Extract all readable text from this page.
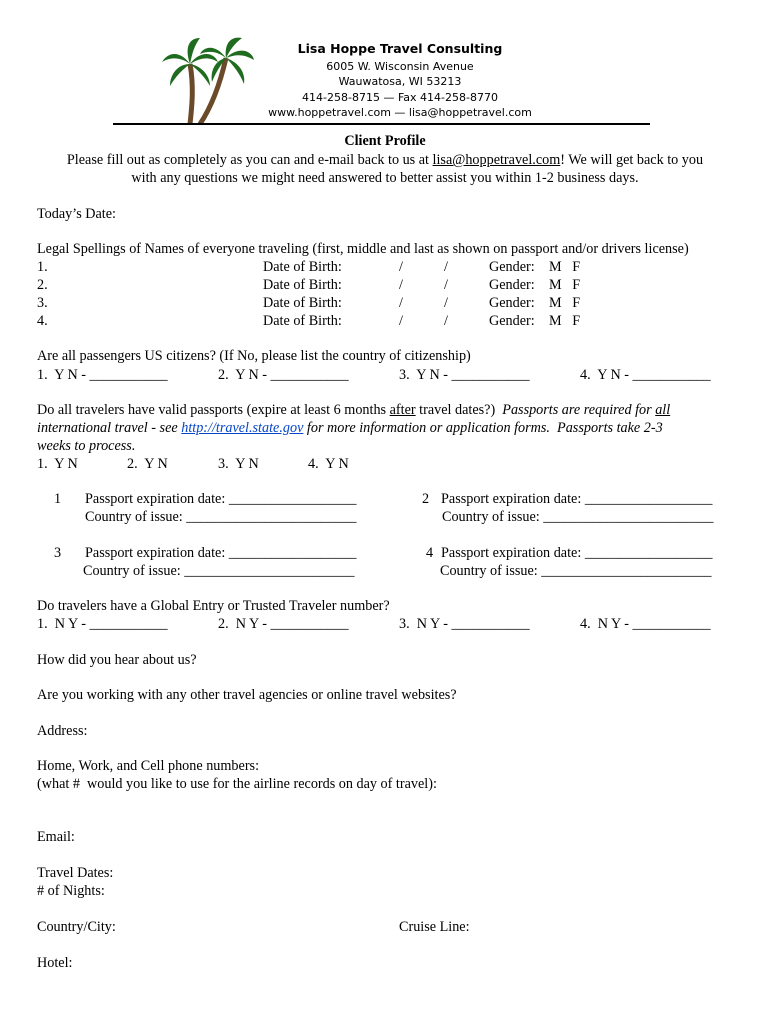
Lisa Hoppe Travel Consulting
6005 W. Wisconsin Avenue
Wauwatosa, WI 53213
414-258-8715 — Fax 414-258-8770
www.hoppetravel.com — lisa@hoppetravel.com
Client Profile
Please fill out as completely as you can and e-mail back to us at lisa@hoppetravel.com! We will get back to you
with any questions we might need answered to better assist you within 1-2 business days.
Today’s Date:
Legal Spellings of Names of everyone traveling (first, middle and last as shown on passport and/or drivers license)
1.	Date of Birth:	/	/	Gender: M   F
2.	Date of Birth:	/	/	Gender: M   F
3.	Date of Birth:	/	/	Gender: M   F
4.	Date of Birth:	/	/	Gender: M   F
Are all passengers US citizens? (If No, please list the country of citizenship)
1.  Y N - ___________	2.  Y N - ___________	3.  Y N - ___________	4.  Y N - ___________
Do all travelers have valid passports (expire at least 6 months after travel dates?)  Passports are required for all
international travel - see http://travel.state.gov for more information or application forms.  Passports take 2-3
weeks to process.
1.  Y N	2.  Y N	3.  Y N	4.  Y N
1 Passport expiration date: __________________
Country of issue: ________________________
2 Passport expiration date: __________________
Country of issue: ________________________
3 Passport expiration date: __________________
Country of issue: ________________________
4 Passport expiration date: __________________
Country of issue: ________________________
Do travelers have a Global Entry or Trusted Traveler number?
1.  N Y - ___________	2.  N Y - ___________	3.  N Y - ___________	4.  N Y - ___________
How did you hear about us?
Are you working with any other travel agencies or online travel websites?
Address:
Home, Work, and Cell phone numbers:
(what #  would you like to use for the airline records on day of travel):
Email:
Travel Dates:
# of Nights:
Country/City:	Cruise Line:
Hotel:
